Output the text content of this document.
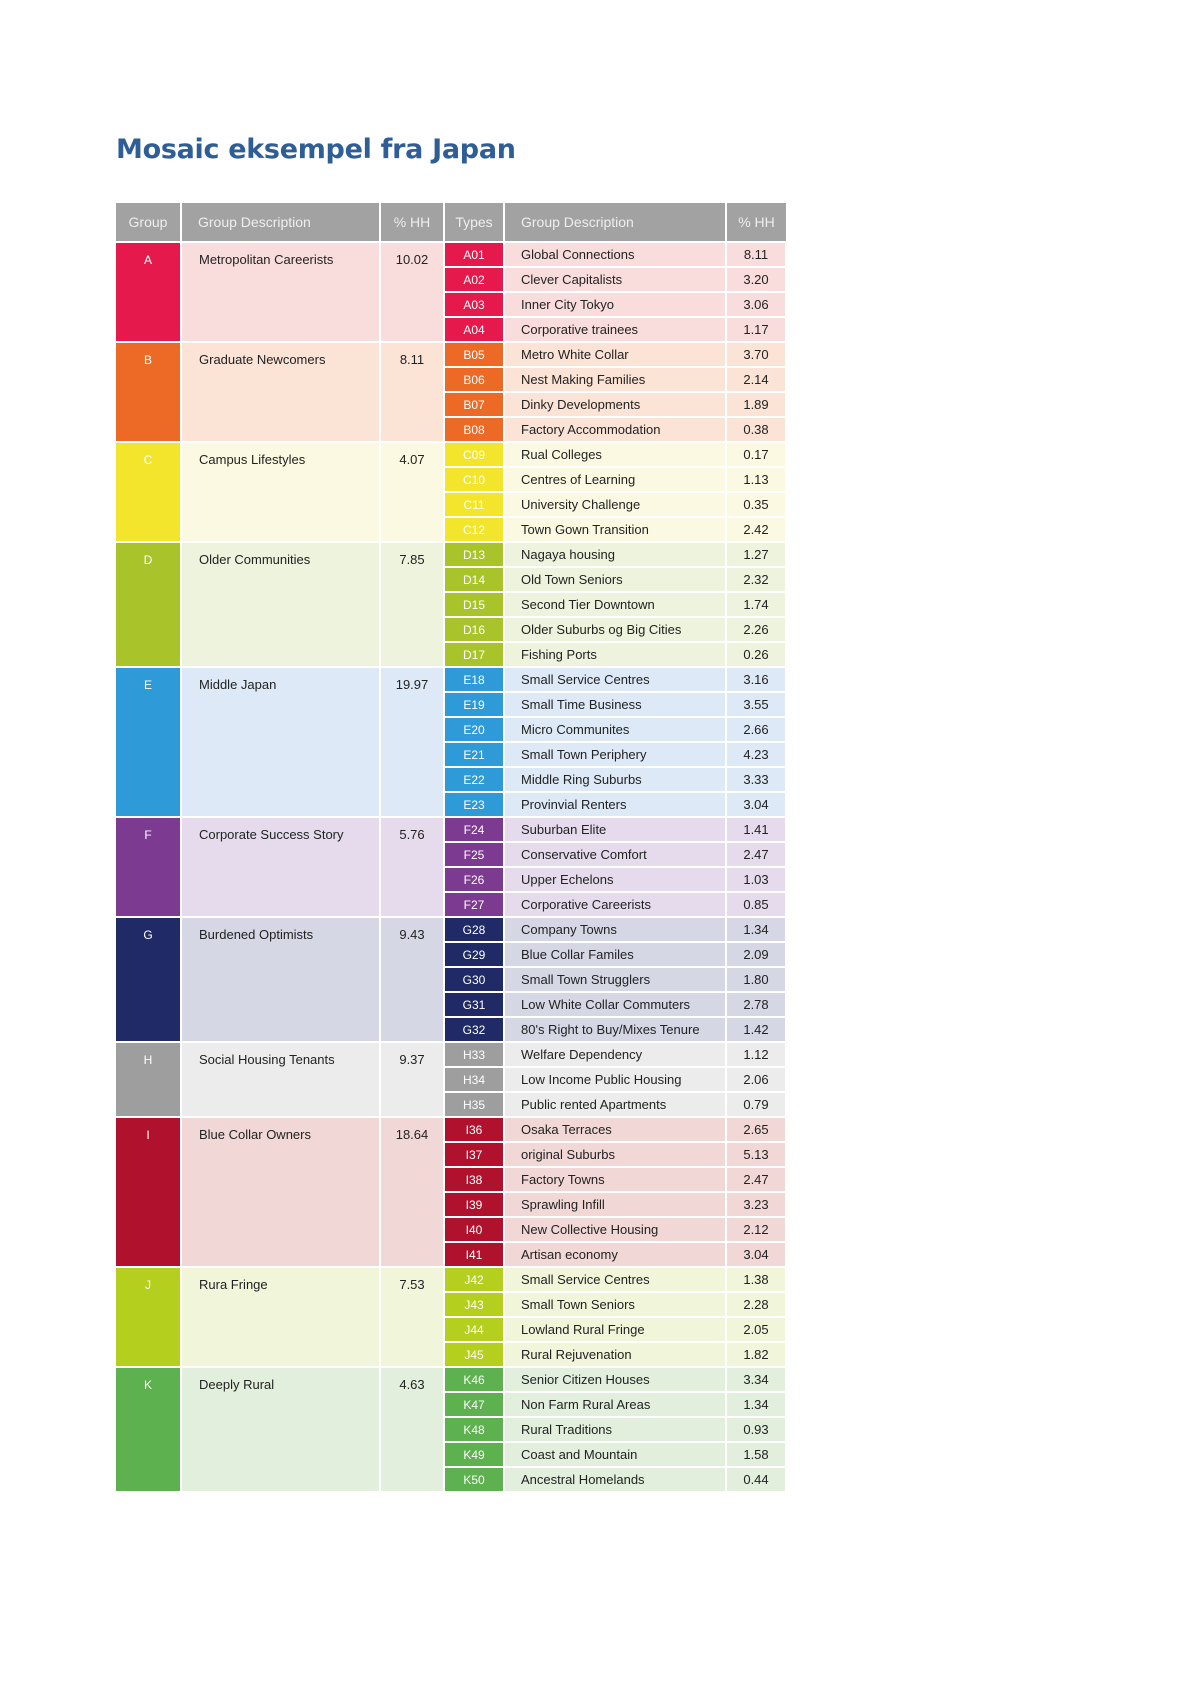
Mosaic eksempel fra Japan
Group	Group Description	% HH	Types	Group Description	% HH
A	Metropolitan Careerists	10.02	A01	Global Connections	8.11
A02	Clever Capitalists	3.20
A03	Inner City Tokyo	3.06
A04	Corporative trainees	1.17
B	Graduate Newcomers	8.11	B05	Metro White Collar	3.70
B06	Nest Making Families	2.14
B07	Dinky Developments	1.89
B08	Factory Accommodation	0.38
C	Campus Lifestyles	4.07	C09	Rual Colleges	0.17
C10	Centres of Learning	1.13
C11	University Challenge	0.35
C12	Town Gown Transition	2.42
D	Older Communities	7.85	D13	Nagaya housing	1.27
D14	Old Town Seniors	2.32
D15	Second Tier Downtown	1.74
D16	Older Suburbs og Big Cities	2.26
D17	Fishing Ports	0.26
E	Middle Japan	19.97	E18	Small Service Centres	3.16
E19	Small Time Business	3.55
E20	Micro Communites	2.66
E21	Small Town Periphery	4.23
E22	Middle Ring Suburbs	3.33
E23	Provinvial Renters	3.04
F	Corporate Success Story	5.76	F24	Suburban Elite	1.41
F25	Conservative Comfort	2.47
F26	Upper Echelons	1.03
F27	Corporative Careerists	0.85
G	Burdened Optimists	9.43	G28	Company Towns	1.34
G29	Blue Collar Familes	2.09
G30	Small Town Strugglers	1.80
G31	Low White Collar Commuters	2.78
G32	80's Right to Buy/Mixes Tenure	1.42
H	Social Housing Tenants	9.37	H33	Welfare Dependency	1.12
H34	Low Income Public Housing	2.06
H35	Public rented Apartments	0.79
I	Blue Collar Owners	18.64	I36	Osaka Terraces	2.65
I37	original Suburbs	5.13
I38	Factory Towns	2.47
I39	Sprawling Infill	3.23
I40	New Collective Housing	2.12
I41	Artisan economy	3.04
J	Rura Fringe	7.53	J42	Small Service Centres	1.38
J43	Small Town Seniors	2.28
J44	Lowland Rural Fringe	2.05
J45	Rural Rejuvenation	1.82
K	Deeply Rural	4.63	K46	Senior Citizen Houses	3.34
K47	Non Farm Rural Areas	1.34
K48	Rural Traditions	0.93
K49	Coast and Mountain	1.58
K50	Ancestral Homelands	0.44
